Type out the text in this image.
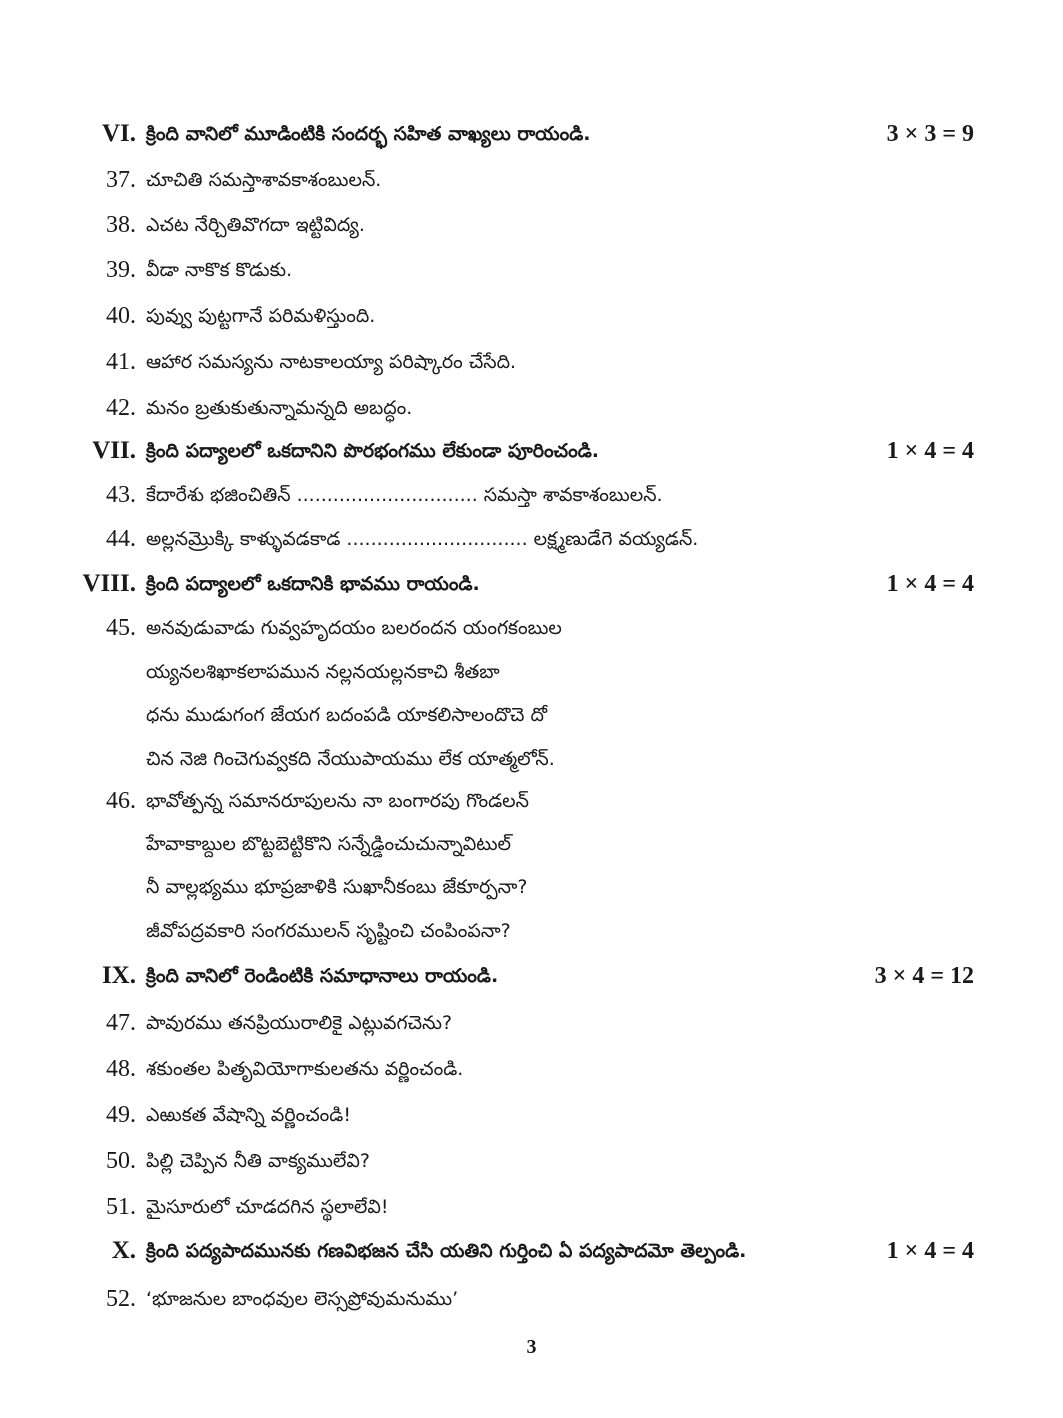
VI. క్రింది వానిలో మూడింటికి సందర్భ సహిత వాఖ్యలు రాయండి.	3 × 3 = 9
37. చూచితి సమస్తాశావకాశంబులన్.
38. ఎచట నేర్చితివొగదా ఇట్టివిద్య.
39. వీడా నాకొక కొడుకు.
40. పువ్వు పుట్టగానే పరిమళిస్తుంది.
41. ఆహార సమస్యను నాటకాలయ్యా పరిష్కారం చేసేది.
42. మనం బ్రతుకుతున్నామన్నది అబద్ధం.
VII. క్రింది పద్యాలలో ఒకదానిని పొరభంగము లేకుండా పూరించండి.	1 × 4 = 4
43. కేదారేశు భజించితిన్ .............................. సమస్తా శావకాశంబులన్.
44. అల్లనమ్రొక్కి కాళ్ళువడకాడ .............................. లక్ష్మణుడేగె వయ్యడన్.
VIII. క్రింది పద్యాలలో ఒకదానికి భావము రాయండి.	1 × 4 = 4
45. అనవుడువాడు గువ్వహృదయం బలరందన యంగకంబుల
య్యనలశిఖాకలాపమున నల్లనయల్లనకాచి శీతబా
ధను ముడుగంగ జేయగ బదంపడి యాకలిసాలందొచె దో
చిన నెజి గించెగువ్వకది నేయుపాయము లేక యాత్మలోన్.
46. భావోత్పన్న సమానరూపులను నా బంగారపు గొండలన్
హేవాకాబ్దుల బొట్టబెట్టికొని సన్నేడ్డించుచున్నావిటుల్
నీ వాల్లభ్యము భూప్రజాళికి సుఖానీకంబు జేకూర్పనా?
జీవోపద్రవకారి సంగరములన్ సృష్టించి చంపింపనా?
IX. క్రింది వానిలో రెండింటికి సమాధానాలు రాయండి.	3 × 4 = 12
47. పావురము తనప్రియురాలికై ఎట్లువగచెను?
48. శకుంతల పితృవియోగాకులతను వర్ణించండి.
49. ఎఱుకత వేషాన్ని వర్ణించండి!
50. పిల్లి చెప్పిన నీతి వాక్యములేవి?
51. మైసూరులో చూడదగిన స్థలాలేవి!
X. క్రింది పద్యపాదమునకు గణవిభజన చేసి యతిని గుర్తించి ఏ పద్యపాదమో తెల్పండి.	1 × 4 = 4
52. ‘భూజనుల బాంధవుల లెస్సప్రోవుమనుము’
3
